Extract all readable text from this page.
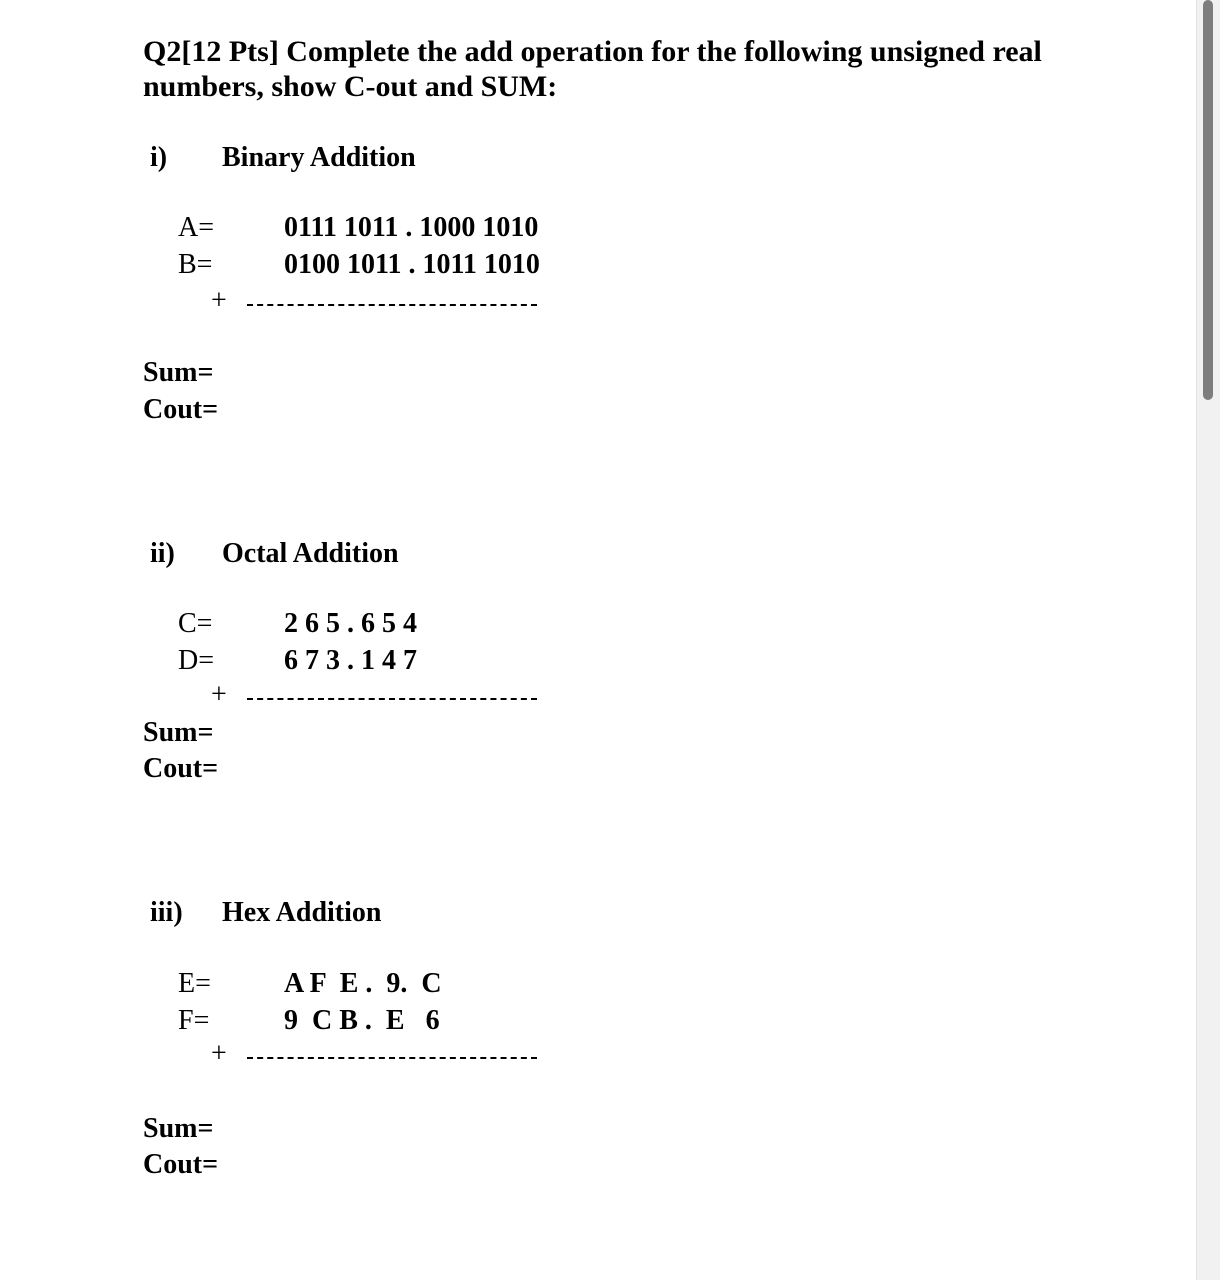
Q2[12 Pts] Complete the add operation for the following unsigned real numbers, show C-out and SUM:
i) Binary Addition
A= 0111 1011 . 1000 1010
B=	0100 1011 . 1011 1010
+
Sum=
Cout=
ii) Octal Addition
C=	2 6 5 . 6 5 4
D= 6 7 3 . 1 4 7
+
Sum=
Cout=
iii) Hex Addition
E=	A F  E .  9.  C
F=	9  C B .  E   6
+
Sum=
Cout=
